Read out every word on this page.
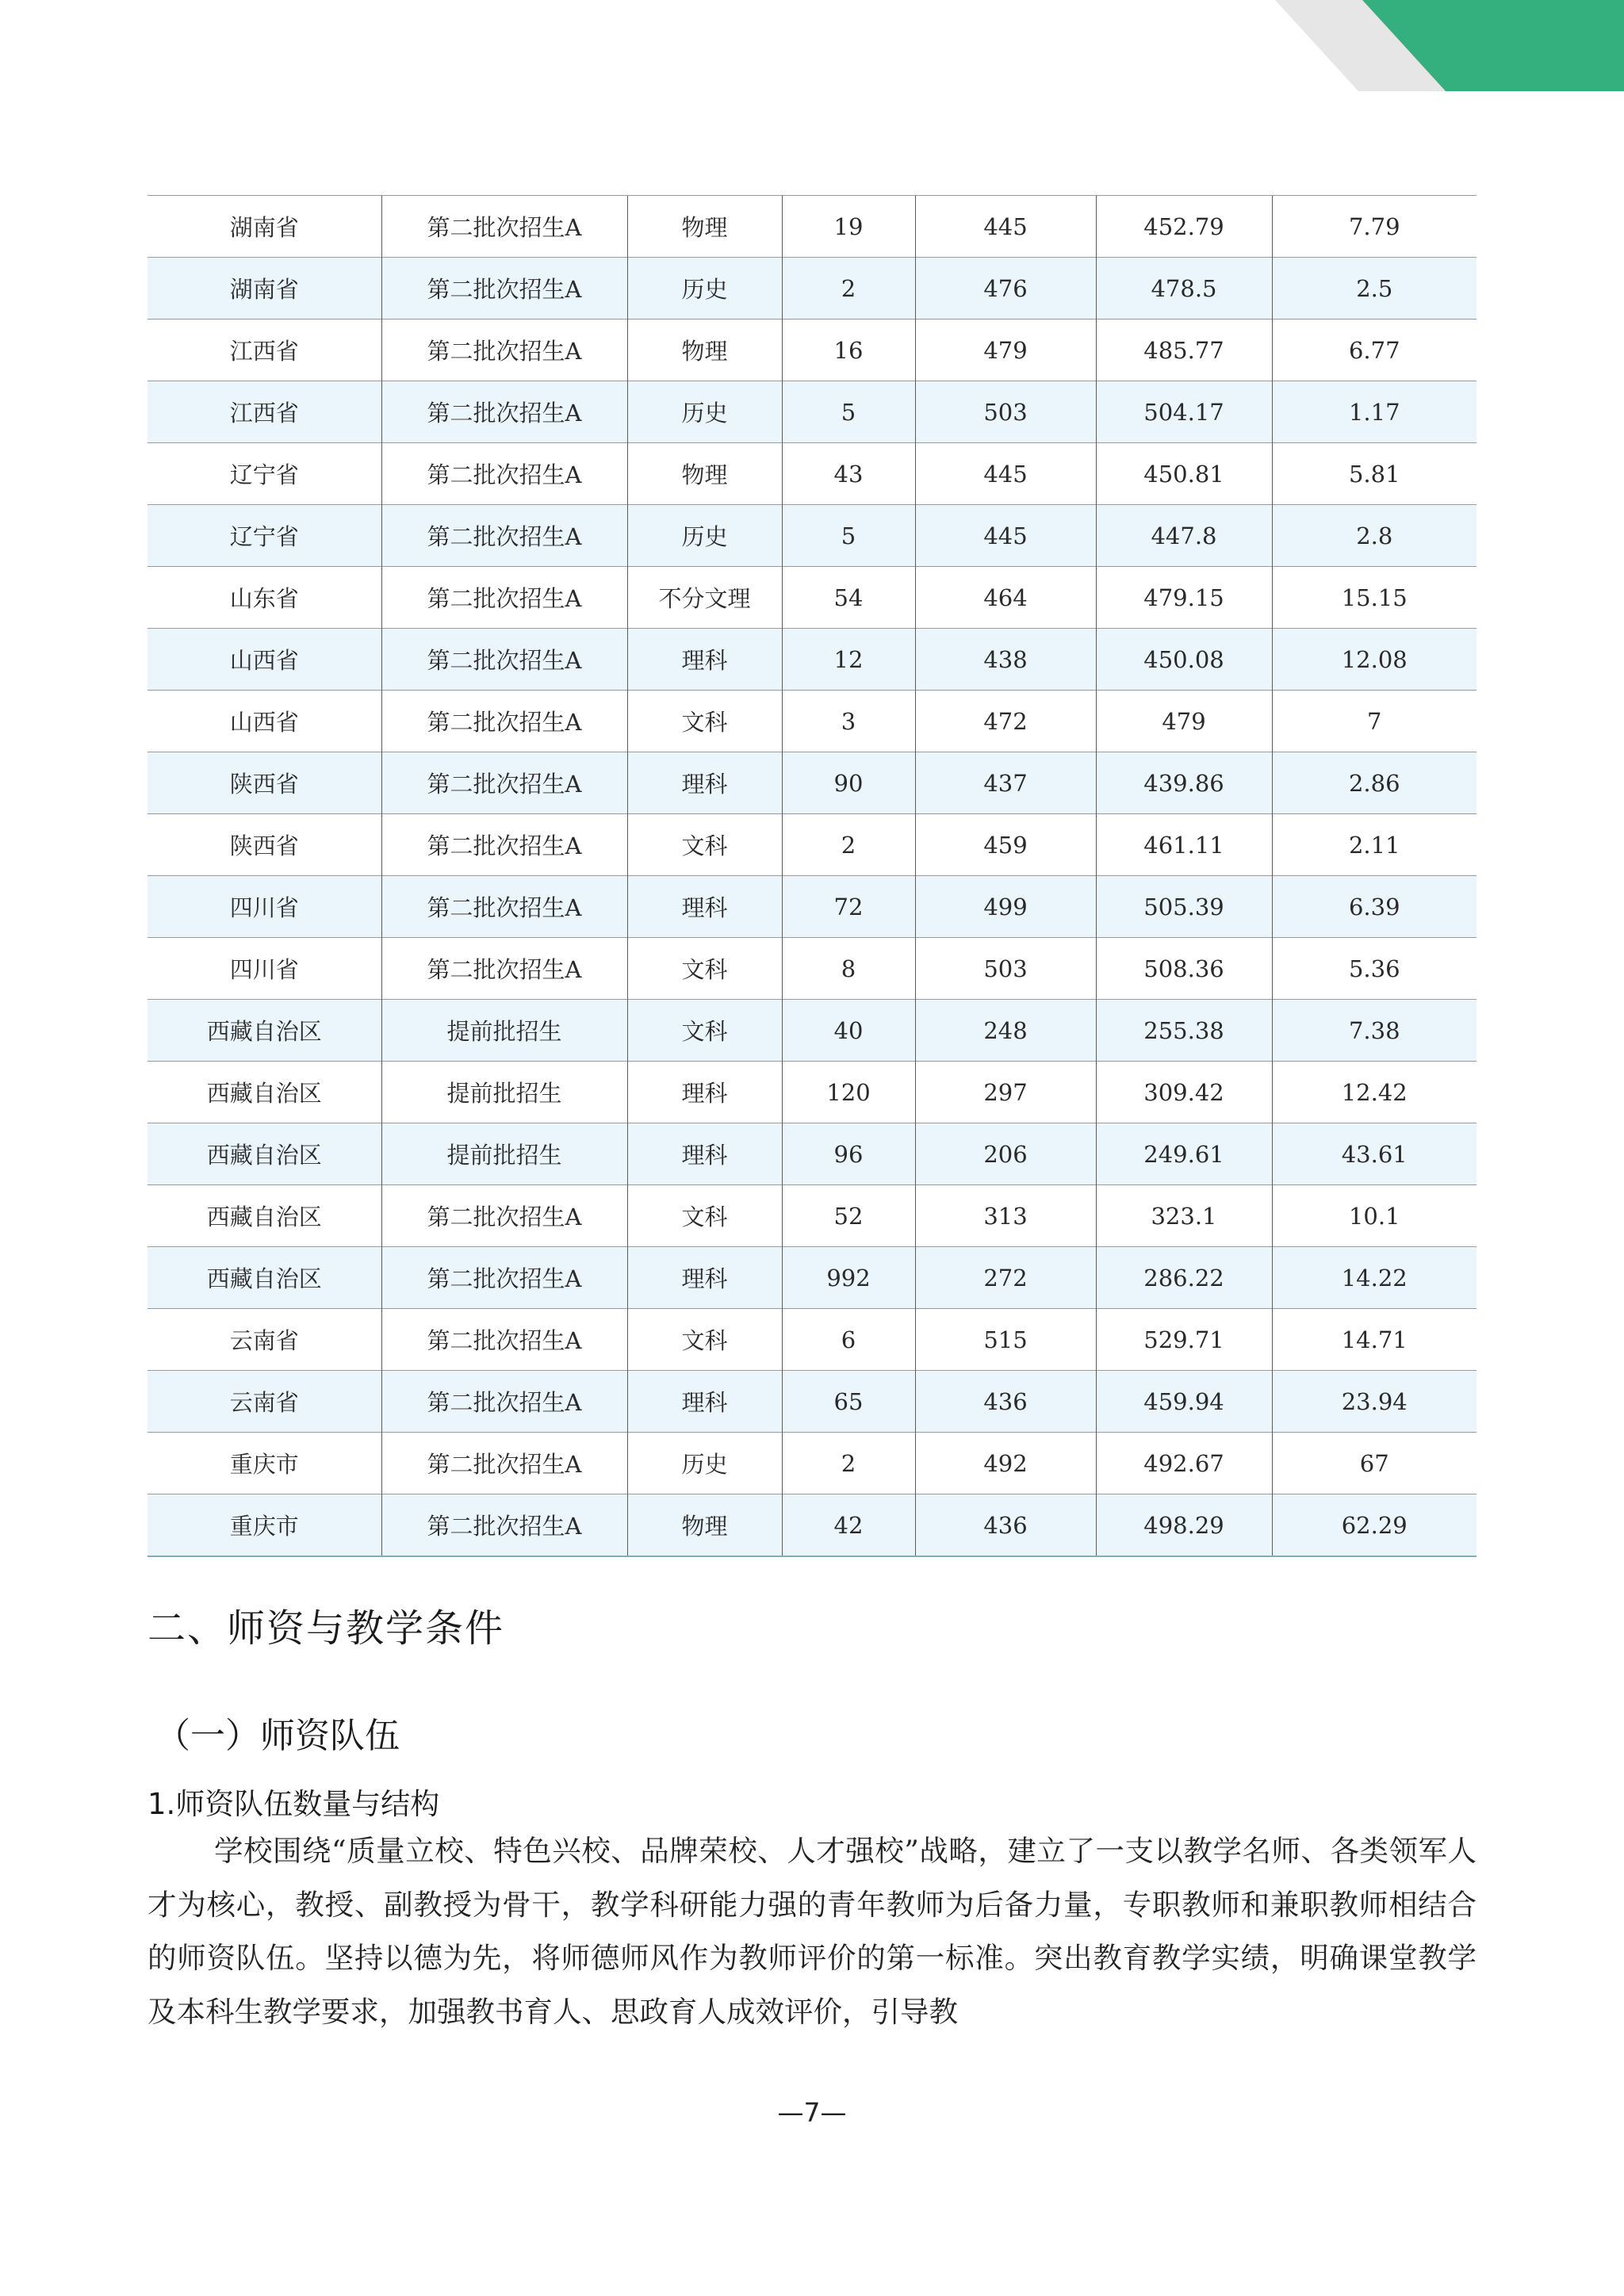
湖南省	第二批次招生A	物理	19	445	452.79	7.79
湖南省	第二批次招生A	历史	2	476	478.5	2.5
江西省	第二批次招生A	物理	16	479	485.77	6.77
江西省	第二批次招生A	历史	5	503	504.17	1.17
辽宁省	第二批次招生A	物理	43	445	450.81	5.81
辽宁省	第二批次招生A	历史	5	445	447.8	2.8
山东省	第二批次招生A	不分文理	54	464	479.15	15.15
山西省	第二批次招生A	理科	12	438	450.08	12.08
山西省	第二批次招生A	文科	3	472	479	7
陕西省	第二批次招生A	理科	90	437	439.86	2.86
陕西省	第二批次招生A	文科	2	459	461.11	2.11
四川省	第二批次招生A	理科	72	499	505.39	6.39
四川省	第二批次招生A	文科	8	503	508.36	5.36
西藏自治区	提前批招生	文科	40	248	255.38	7.38
西藏自治区	提前批招生	理科	120	297	309.42	12.42
西藏自治区	提前批招生	理科	96	206	249.61	43.61
西藏自治区	第二批次招生A	文科	52	313	323.1	10.1
西藏自治区	第二批次招生A	理科	992	272	286.22	14.22
云南省	第二批次招生A	文科	6	515	529.71	14.71
云南省	第二批次招生A	理科	65	436	459.94	23.94
重庆市	第二批次招生A	历史	2	492	492.67	67
重庆市	第二批次招生A	物理	42	436	498.29	62.29
二、师资与教学条件
（一）师资队伍
1.师资队伍数量与结构

学校围绕“质量立校、特色兴校、品牌荣校、人才强校”战略，建立了一支以教学名师、各类领军人才为核心，教授、副教授为骨干，教学科研能力强的青年教师为后备力量，专职教师和兼职教师相结合的师资队伍。坚持以德为先，将师德师风作为教师评价的第一标准。突出教育教学实绩，明确课堂教学及本科生教学要求，加强教书育人、思政育人成效评价，引导教

—7—
